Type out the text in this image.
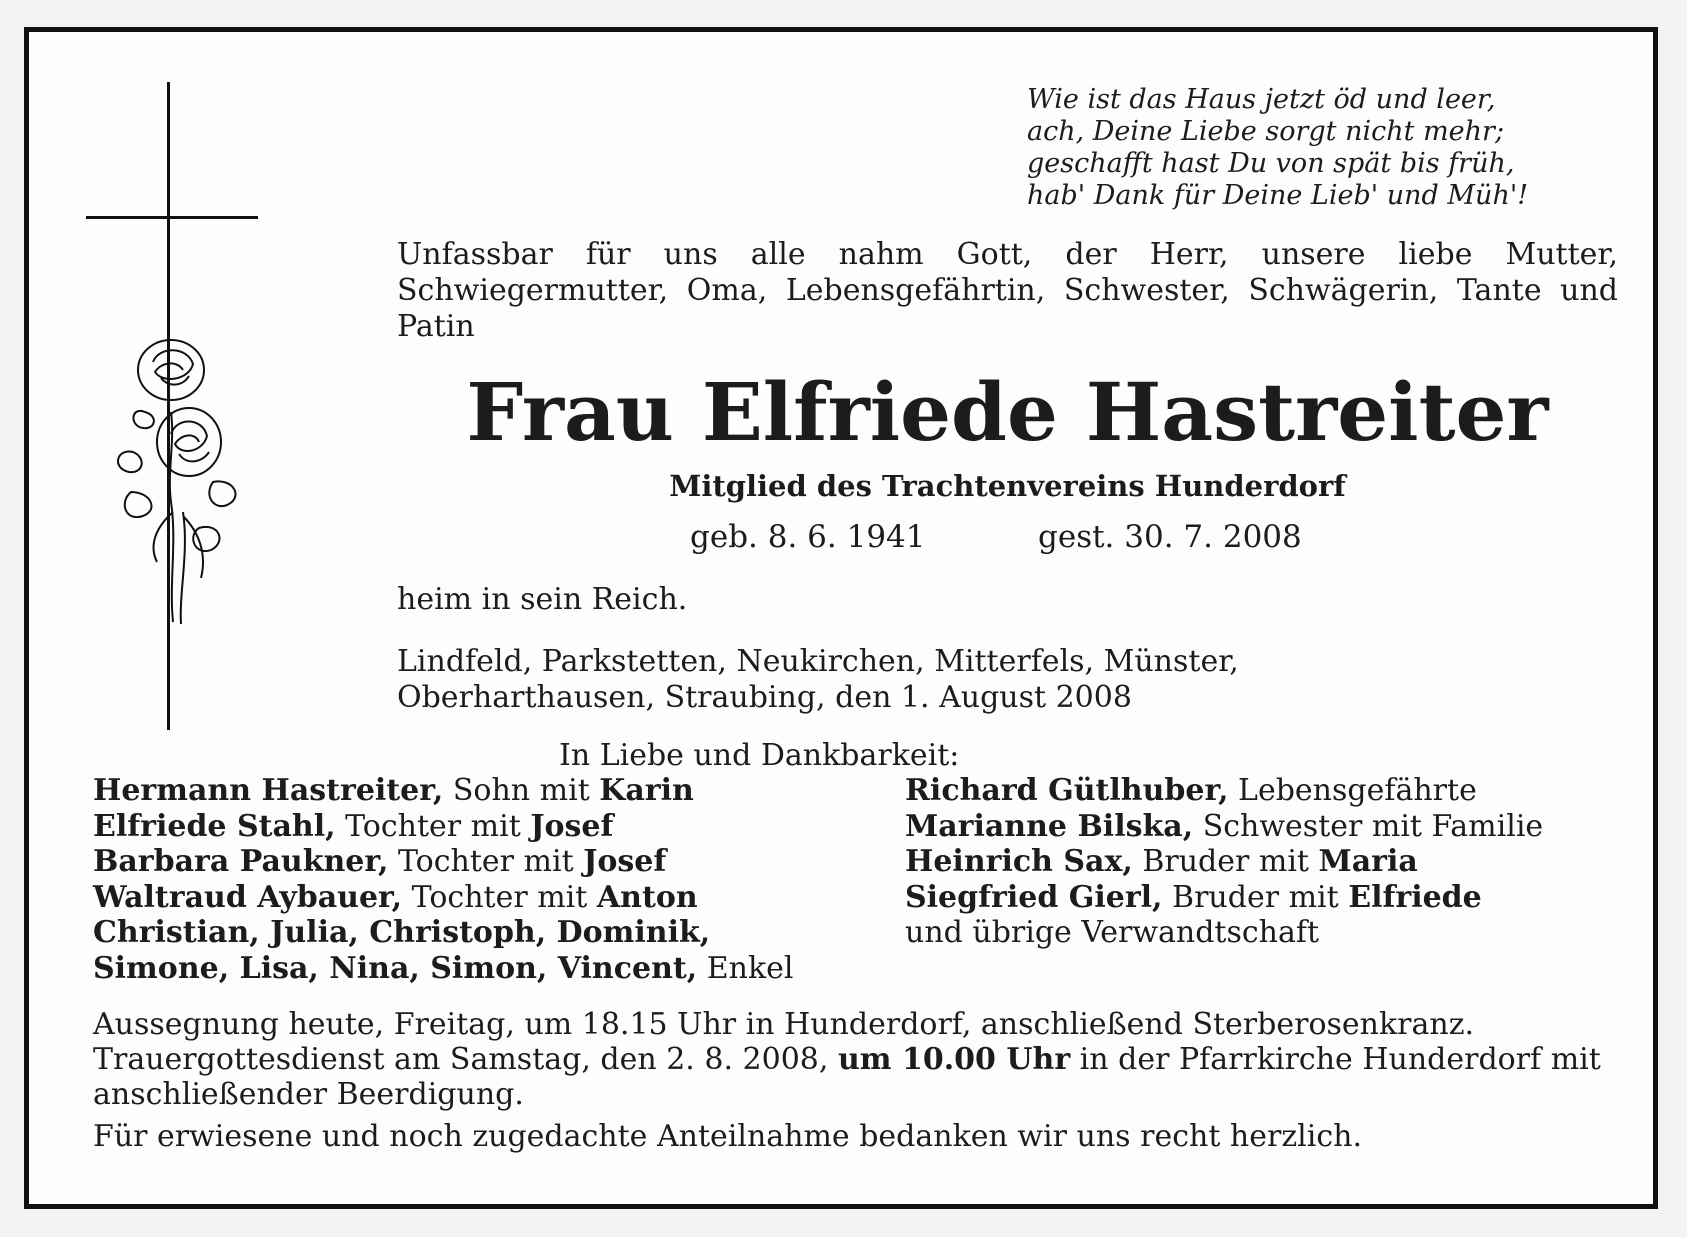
Wie ist das Haus jetzt öd und leer,
ach, Deine Liebe sorgt nicht mehr;
geschafft hast Du von spät bis früh,
hab' Dank für Deine Lieb' und Müh'!
Unfassbar für uns alle nahm Gott, der Herr, unsere liebe Mutter, Schwiegermutter, Oma, Lebensgefährtin, Schwester, Schwägerin, Tante und Patin
Frau Elfriede Hastreiter
Mitglied des Trachtenvereins Hunderdorf
geb. 8. 6. 1941	gest. 30. 7. 2008
heim in sein Reich.
Lindfeld, Parkstetten, Neukirchen, Mitterfels, Münster,
Oberharthausen, Straubing, den 1. August 2008
In Liebe und Dankbarkeit:
Hermann Hastreiter, Sohn mit Karin
Elfriede Stahl, Tochter mit Josef
Barbara Paukner, Tochter mit Josef
Waltraud Aybauer, Tochter mit Anton
Christian, Julia, Christoph, Dominik,
Simone, Lisa, Nina, Simon, Vincent, Enkel
Richard Gütlhuber, Lebensgefährte
Marianne Bilska, Schwester mit Familie
Heinrich Sax, Bruder mit Maria
Siegfried Gierl, Bruder mit Elfriede
und übrige Verwandtschaft

Aussegnung heute, Freitag, um 18.15 Uhr in Hunderdorf, anschließend Sterberosenkranz. Trauergottesdienst am Samstag, den 2. 8. 2008, um 10.00 Uhr in der Pfarrkirche Hunderdorf mit anschließender Beerdigung.

Für erwiesene und noch zugedachte Anteilnahme bedanken wir uns recht herzlich.
